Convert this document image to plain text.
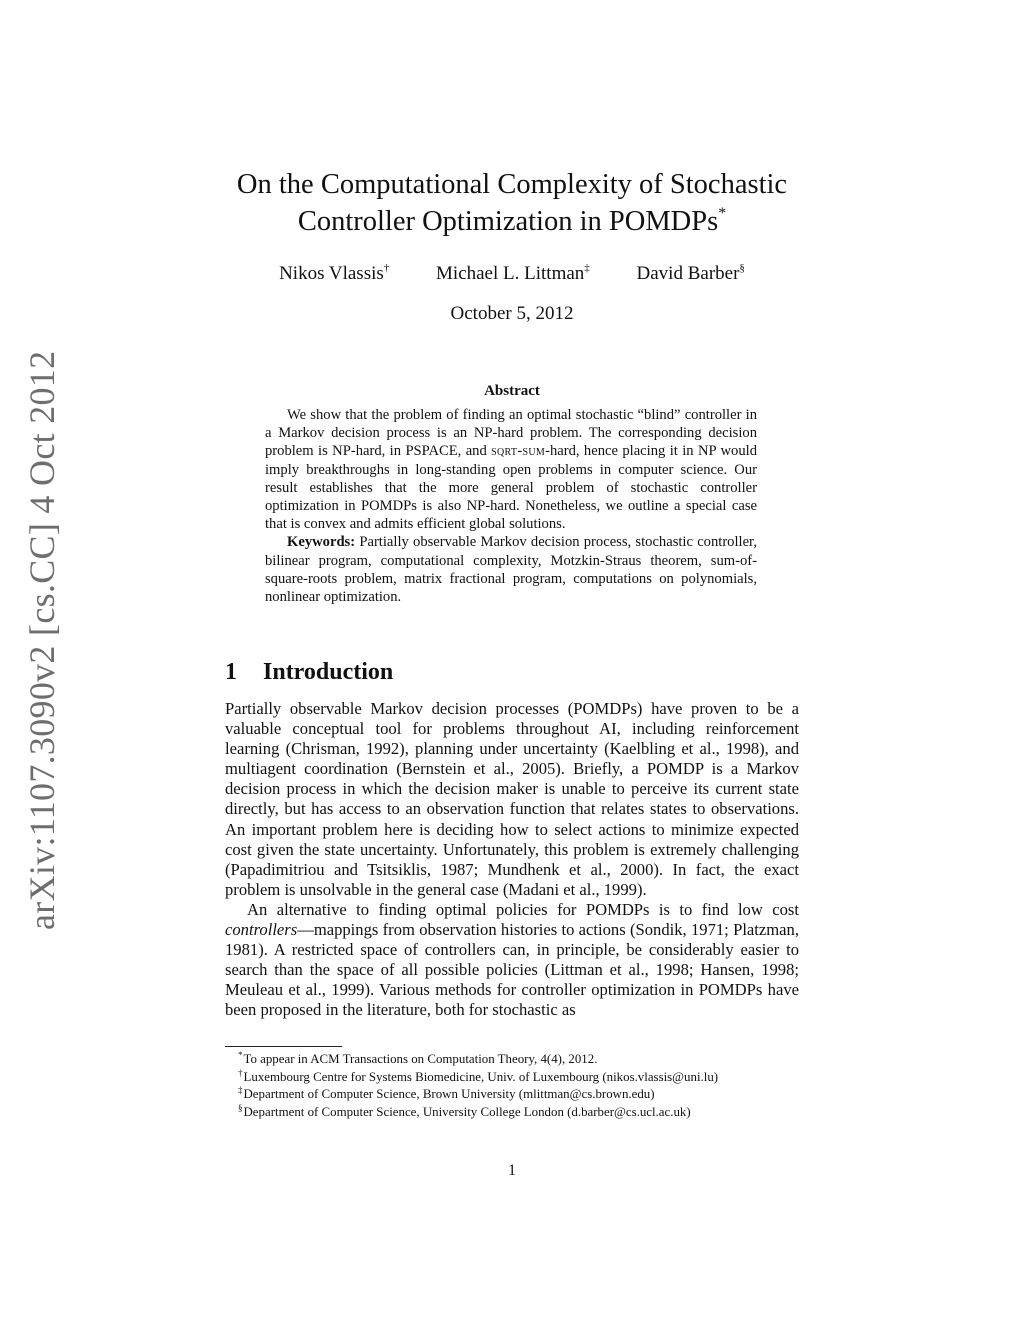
arXiv:1107.3090v2 [cs.CC] 4 Oct 2012
On the Computational Complexity of Stochastic
Controller Optimization in POMDPs*
Nikos Vlassis† Michael L. Littman‡ David Barber§
October 5, 2012
Abstract

We show that the problem of finding an optimal stochastic “blind” controller in a Markov decision process is an NP-hard problem. The corresponding decision problem is NP-hard, in PSPACE, and sqrt-sum-hard, hence placing it in NP would imply breakthroughs in long-standing open problems in computer science. Our result establishes that the more general problem of stochastic controller optimization in POMDPs is also NP-hard. Nonetheless, we outline a special case that is convex and admits efficient global solutions.

Keywords: Partially observable Markov decision process, stochastic controller, bilinear program, computational complexity, Motzkin-Straus theorem, sum-of-square-roots problem, matrix fractional program, computations on polynomials, nonlinear optimization.

1 Introduction

Partially observable Markov decision processes (POMDPs) have proven to be a valuable conceptual tool for problems throughout AI, including reinforcement learning (Chrisman, 1992), planning under uncertainty (Kaelbling et al., 1998), and multiagent coordination (Bernstein et al., 2005). Briefly, a POMDP is a Markov decision process in which the decision maker is unable to perceive its current state directly, but has access to an observation function that relates states to observations. An important problem here is deciding how to select actions to minimize expected cost given the state uncertainty. Unfortunately, this problem is extremely challenging (Papadimitriou and Tsitsiklis, 1987; Mundhenk et al., 2000). In fact, the exact problem is unsolvable in the general case (Madani et al., 1999).

An alternative to finding optimal policies for POMDPs is to find low cost controllers—mappings from observation histories to actions (Sondik, 1971; Platzman, 1981). A restricted space of controllers can, in principle, be considerably easier to search than the space of all possible policies (Littman et al., 1998; Hansen, 1998; Meuleau et al., 1999). Various methods for controller optimization in POMDPs have been proposed in the literature, both for stochastic as

*To appear in ACM Transactions on Computation Theory, 4(4), 2012.
†Luxembourg Centre for Systems Biomedicine, Univ. of Luxembourg (nikos.vlassis@uni.lu)
‡Department of Computer Science, Brown University (mlittman@cs.brown.edu)
§Department of Computer Science, University College London (d.barber@cs.ucl.ac.uk)
1
